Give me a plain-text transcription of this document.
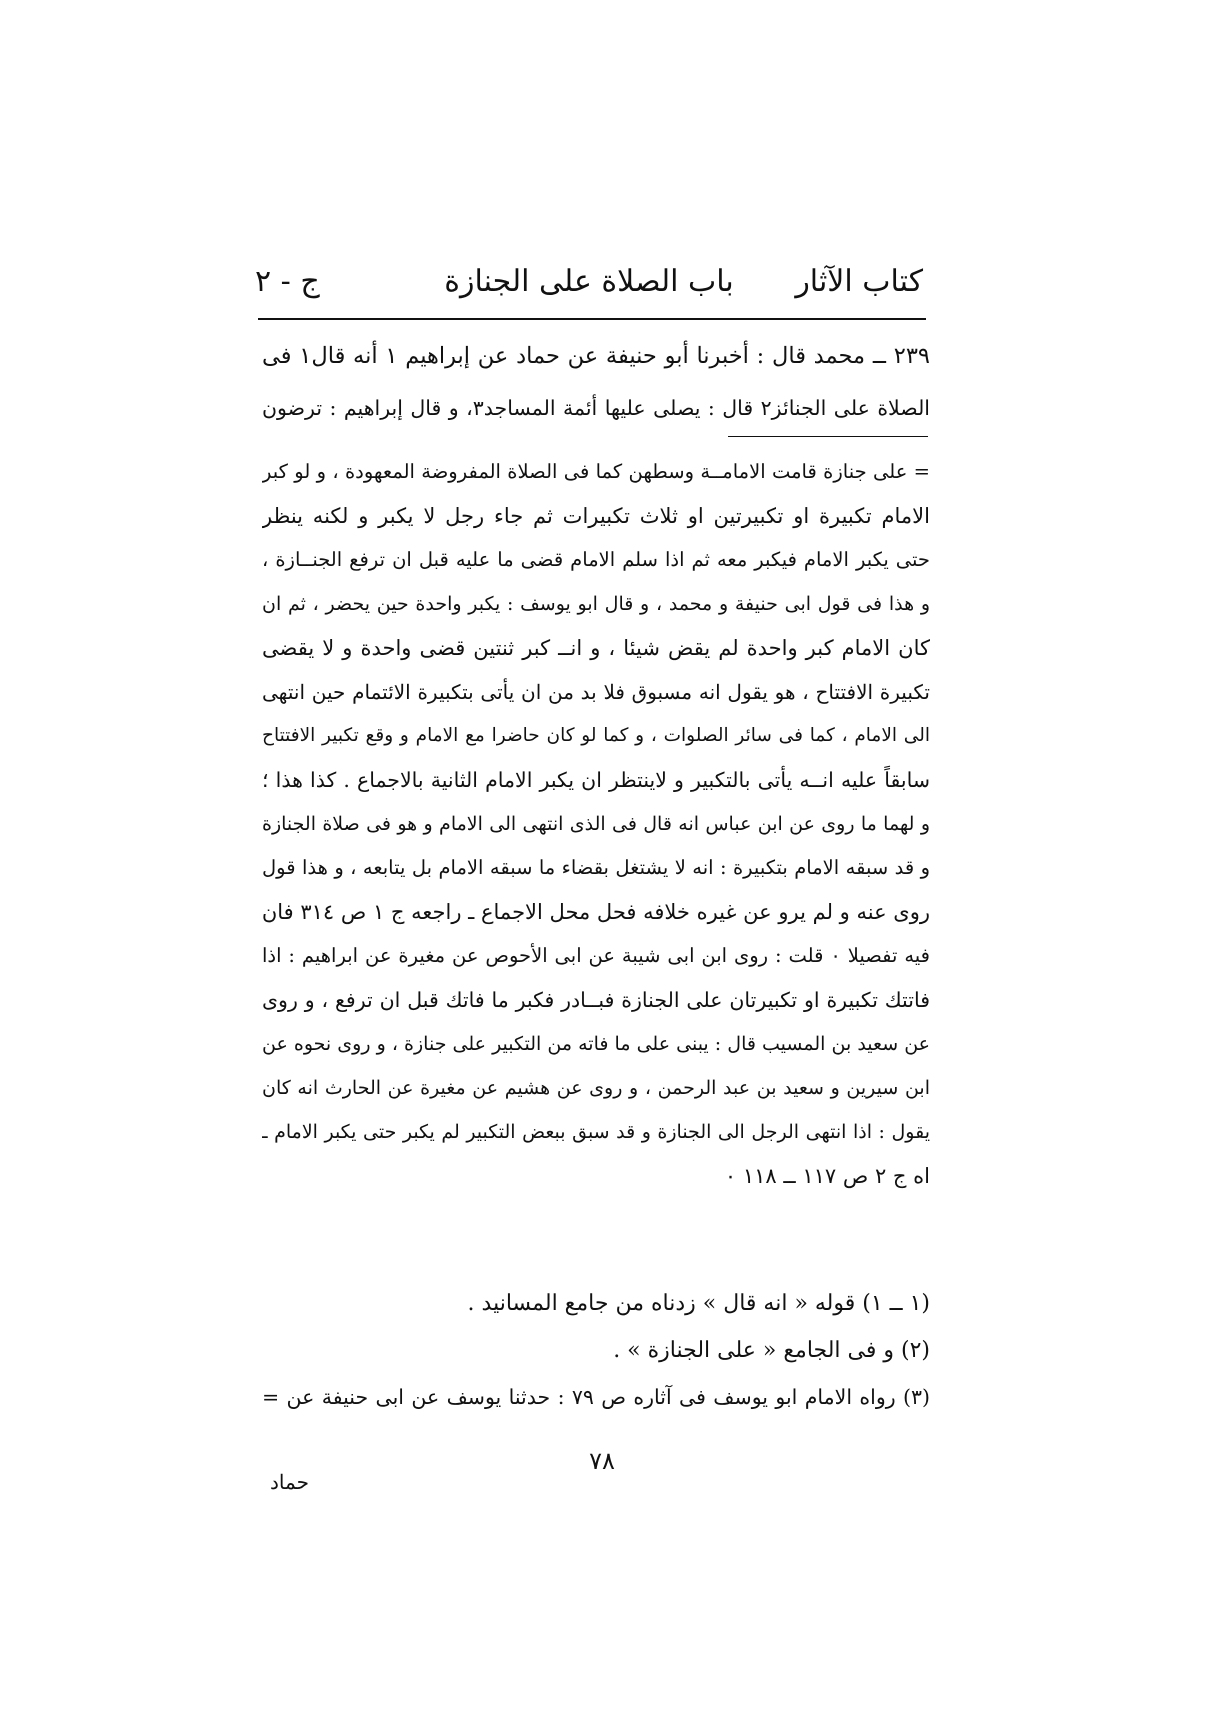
كتاب الآثار
باب الصلاة على الجنازة
ج - ٢
٢٣٩ ــ محمد قال : أخبرنا أبو حنيفة عن حماد عن إبراهيم ١ أنه قال١ فى
الصلاة على الجنائز٢ قال : يصلى عليها أئمة المساجد٣، و قال إبراهيم : ترضون
= على جنازة قامت الامامــة وسطهن كما فى الصلاة المفروضة المعهودة ، و لو كبر
الامام تكبيرة او تكبيرتين او ثلاث تكبيرات ثم جاء رجل لا يكبر و لكنه ينظر
حتى يكبر الامام فيكبر معه ثم اذا سلم الامام قضى ما عليه قبل ان ترفع الجنــازة ،
و هذا فى قول ابى حنيفة و محمد ، و قال ابو يوسف : يكبر واحدة حين يحضر ، ثم ان
كان الامام كبر واحدة لم يقض شيئا ، و انــ كبر ثنتين قضى واحدة و لا يقضى
تكبيرة الافتتاح ، هو يقول انه مسبوق فلا بد من ان يأتى بتكبيرة الائتمام حين انتهى
الى الامام ، كما فى سائر الصلوات ، و كما لو كان حاضرا مع الامام و وقع تكبير الافتتاح
سابقاً عليه انــه يأتى بالتكبير و لاينتظر ان يكبر الامام الثانية بالاجماع . كذا هذا ؛
و لهما ما روى عن ابن عباس انه قال فى الذى انتهى الى الامام و هو فى صلاة الجنازة
و قد سبقه الامام بتكبيرة : انه لا يشتغل بقضاء ما سبقه الامام بل يتابعه ، و هذا قول
روى عنه و لم يرو عن غيره خلافه فحل محل الاجماع ـ راجعه ج ١ ص ٣١٤ فان
فيه تفصيلا ٠ قلت : روى ابن ابى شيبة عن ابى الأحوص عن مغيرة عن ابراهيم : اذا
فاتتك تكبيرة او تكبيرتان على الجنازة فبــادر فكبر ما فاتك قبل ان ترفع ، و روى
عن سعيد بن المسيب قال : يبنى على ما فاته من التكبير على جنازة ، و روى نحوه عن
ابن سيرين و سعيد بن عبد الرحمن ، و روى عن هشيم عن مغيرة عن الحارث انه كان
يقول : اذا انتهى الرجل الى الجنازة و قد سبق ببعض التكبير لم يكبر حتى يكبر الامام ـ
اه ج ٢ ص ١١٧ ــ ١١٨ ٠
(١ ــ ١) قوله « انه قال » زدناه من جامع المسانيد .
(٢) و فى الجامع « على الجنازة » .
(٣) رواه الامام ابو يوسف فى آثاره ص ٧٩ : حدثنا يوسف عن ابى حنيفة عن =
٧٨
حماد
